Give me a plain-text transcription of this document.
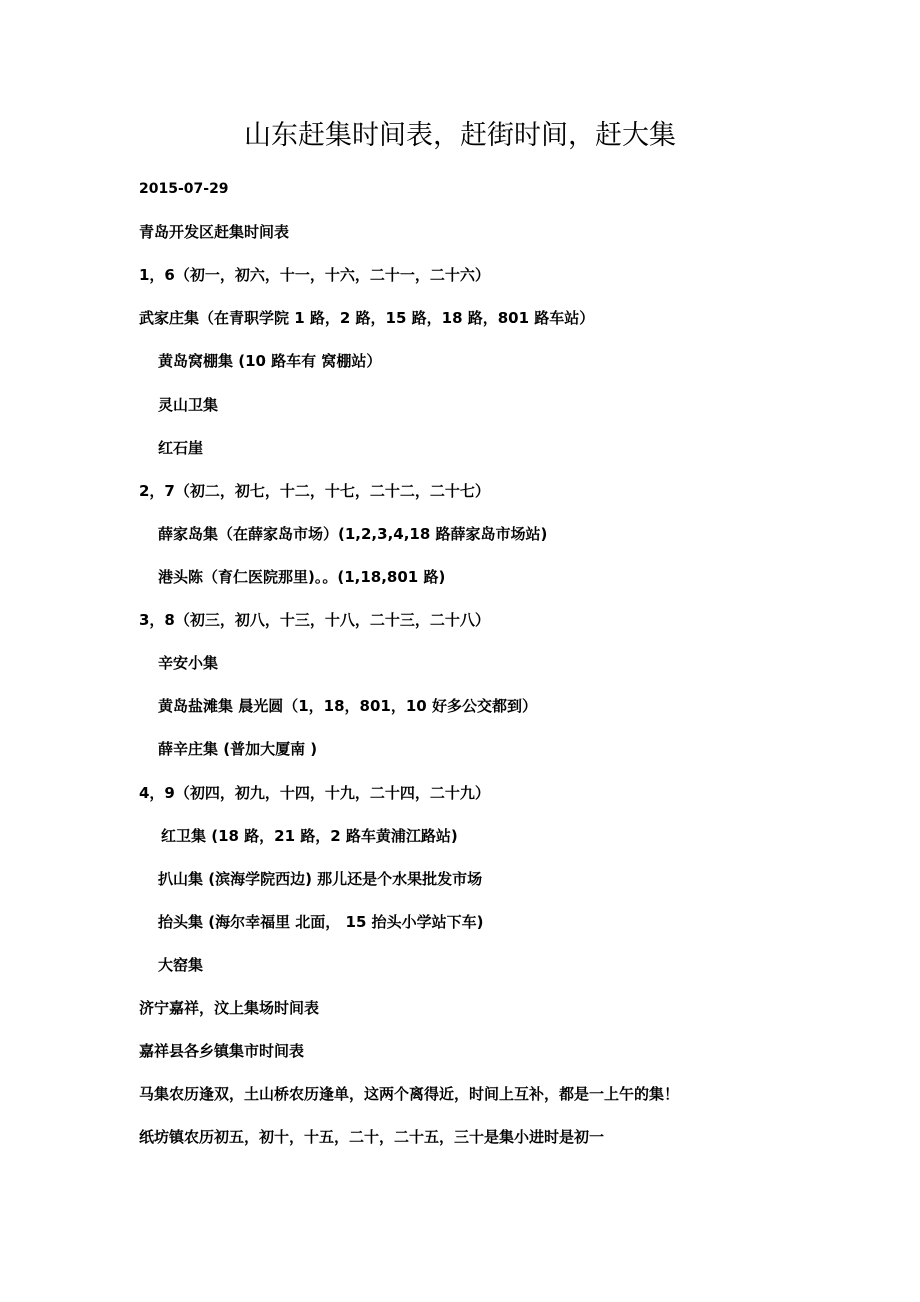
山东赶集时间表，赶街时间，赶大集

2015-07-29

青岛开发区赶集时间表

1，6（初一，初六，十一，十六，二十一，二十六）

武家庄集（在青职学院 1 路，2 路，15 路，18 路，801 路车站）

黄岛窝棚集 (10 路车有 窝棚站）

灵山卫集

红石崖

2，7（初二，初七，十二，十七，二十二，二十七）

薛家岛集（在薛家岛市场）(1,2,3,4,18 路薛家岛市场站)

港头陈（育仁医院那里)。。(1,18,801 路)

3，8（初三，初八，十三，十八，二十三，二十八）

辛安小集

黄岛盐滩集 晨光圆（1，18，801，10 好多公交都到）

薛辛庄集 (普加大厦南 )

4，9（初四，初九，十四，十九，二十四，二十九）

红卫集 (18 路，21 路，2 路车黄浦江路站)

扒山集 (滨海学院西边) 那儿还是个水果批发市场

抬头集 (海尔幸福里 北面， 15 抬头小学站下车)

大窑集

济宁嘉祥，汶上集场时间表

嘉祥县各乡镇集市时间表

马集农历逢双，土山桥农历逢单，这两个离得近，时间上互补，都是一上午的集！

纸坊镇农历初五，初十，十五，二十，二十五，三十是集小进时是初一
